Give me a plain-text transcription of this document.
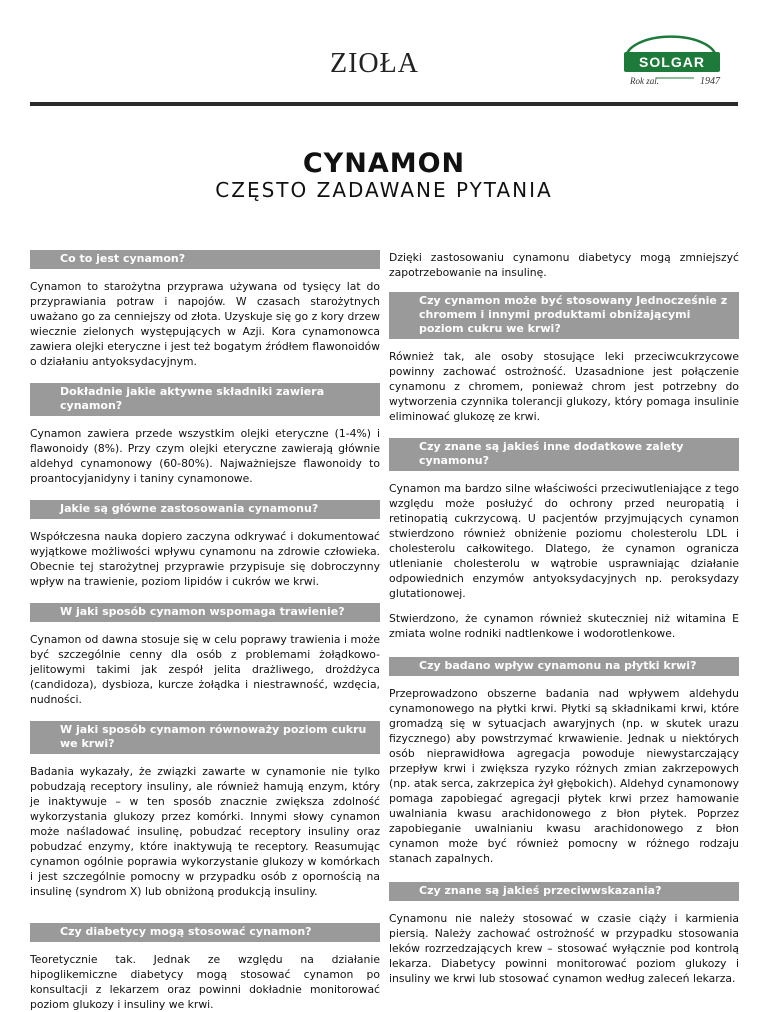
ZIOŁA	SOLGAR
Rok zal.	1947
CYNAMON
CZĘSTO ZADAWANE PYTANIA
Co to jest cynamon?

Cynamon to starożytna przyprawa używana od tysięcy lat do przyprawiania potraw i napojów. W czasach starożytnych uważano go za cenniejszy od złota. Uzyskuje się go z kory drzew wiecznie zielonych występujących w Azji. Kora cynamonowca zawiera olejki eteryczne i jest też bogatym źródłem flawonoidów o działaniu antyoksydacyjnym.

Dokładnie jakie aktywne składniki zawiera cynamon?

Cynamon zawiera przede wszystkim olejki eteryczne (1-4%) i flawonoidy (8%). Przy czym olejki eteryczne zawierają głównie aldehyd cynamonowy (60-80%). Najważniejsze flawonoidy to proantocyjanidyny i taniny cynamonowe.

Jakie są główne zastosowania cynamonu?

Współczesna nauka dopiero zaczyna odkrywać i dokumentować wyjątkowe możliwości wpływu cynamonu na zdrowie człowieka. Obecnie tej starożytnej przyprawie przypisuje się dobroczynny wpływ na trawienie, poziom lipidów i cukrów we krwi.

W jaki sposób cynamon wspomaga trawienie?

Cynamon od dawna stosuje się w celu poprawy trawienia i może być szczególnie cenny dla osób z problemami żołądkowo-jelitowymi takimi jak zespół jelita drażliwego, drożdżyca (candidoza), dysbioza, kurcze żołądka i niestrawność, wzdęcia, nudności.

W jaki sposób cynamon równoważy poziom cukru we krwi?

Badania wykazały, że związki zawarte w cynamonie nie tylko pobudzają receptory insuliny, ale również hamują enzym, który je inaktywuje – w ten sposób znacznie zwiększa zdolność wykorzystania glukozy przez komórki. Innymi słowy cynamon może naśladować insulinę, pobudzać receptory insuliny oraz pobudzać enzymy, które inaktywują te receptory. Reasumując cynamon ogólnie poprawia wykorzystanie glukozy w komórkach i jest szczególnie pomocny w przypadku osób z opornością na insulinę (syndrom X) lub obniżoną produkcją insuliny.

Czy diabetycy mogą stosować cynamon?

Teoretycznie tak. Jednak ze względu na działanie hipoglikemiczne diabetycy mogą stosować cynamon po konsultacji z lekarzem oraz powinni dokładnie monitorować poziom glukozy i insuliny we krwi.

Dzięki zastosowaniu cynamonu diabetycy mogą zmniejszyć zapotrzebowanie na insulinę.

Czy cynamon może być stosowany Jednocześnie z chromem i innymi produktami obniżającymi poziom cukru we krwi?

Również tak, ale osoby stosujące leki przeciwcukrzycowe powinny zachować ostrożność. Uzasadnione jest połączenie cynamonu z chromem, ponieważ chrom jest potrzebny do wytworzenia czynnika tolerancji glukozy, który pomaga insulinie eliminować glukozę ze krwi.

Czy znane są jakieś inne dodatkowe zalety cynamonu?

Cynamon ma bardzo silne właściwości przeciwutleniające z tego względu może posłużyć do ochrony przed neuropatią i retinopatią cukrzycową. U pacjentów przyjmujących cynamon stwierdzono również obniżenie poziomu cholesterolu LDL i cholesterolu całkowitego. Dlatego, że cynamon ogranicza utlenianie cholesterolu w wątrobie usprawniając działanie odpowiednich enzymów antyoksydacyjnych np. peroksydazy glutationowej.

Stwierdzono, że cynamon również skuteczniej niż witamina E zmiata wolne rodniki nadtlenkowe i wodorotlenkowe.

Czy badano wpływ cynamonu na płytki krwi?

Przeprowadzono obszerne badania nad wpływem aldehydu cynamonowego na płytki krwi. Płytki są składnikami krwi, które gromadzą się w sytuacjach awaryjnych (np. w skutek urazu fizycznego) aby powstrzymać krwawienie. Jednak u niektórych osób nieprawidłowa agregacja powoduje niewystarczający przepływ krwi i zwiększa ryzyko różnych zmian zakrzepowych (np. atak serca, zakrzepica żył głębokich). Aldehyd cynamonowy pomaga zapobiegać agregacji płytek krwi przez hamowanie uwalniania kwasu arachidonowego z błon płytek. Poprzez zapobieganie uwalnianiu kwasu arachidonowego z błon cynamon może być również pomocny w różnego rodzaju stanach zapalnych.

Czy znane są jakieś przeciwwskazania?

Cynamonu nie należy stosować w czasie ciąży i karmienia piersią. Należy zachować ostrożność w przypadku stosowania leków rozrzedzających krew – stosować wyłącznie pod kontrolą lekarza. Diabetycy powinni monitorować poziom glukozy i insuliny we krwi lub stosować cynamon według zaleceń lekarza.
